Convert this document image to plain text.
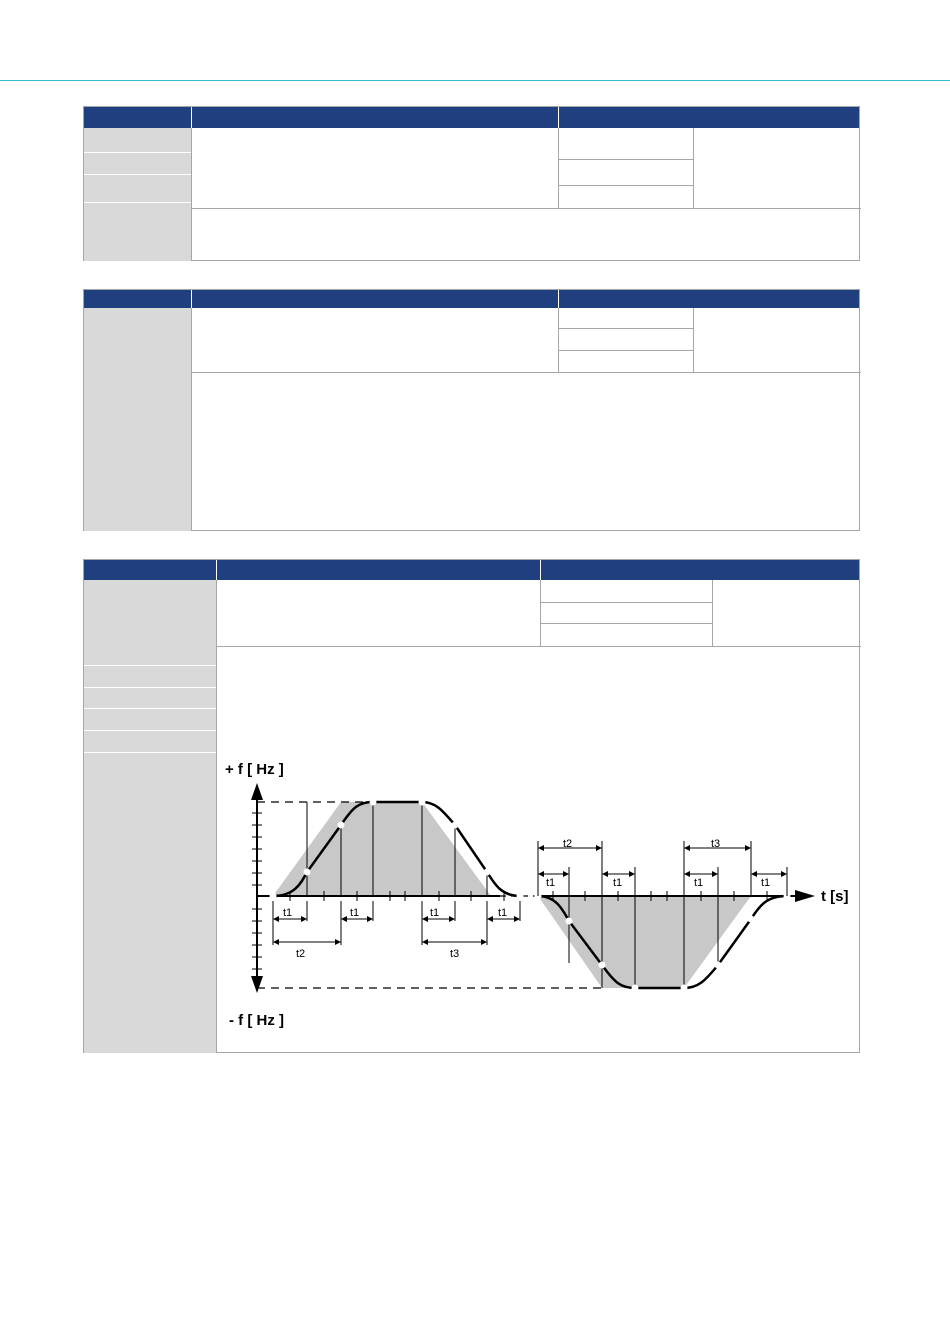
+ f [ Hz ]
- f [ Hz ]
t [s]
t1	t1	t1	t1
t2	t3
t2	t3
t1	t1	t1	t1
